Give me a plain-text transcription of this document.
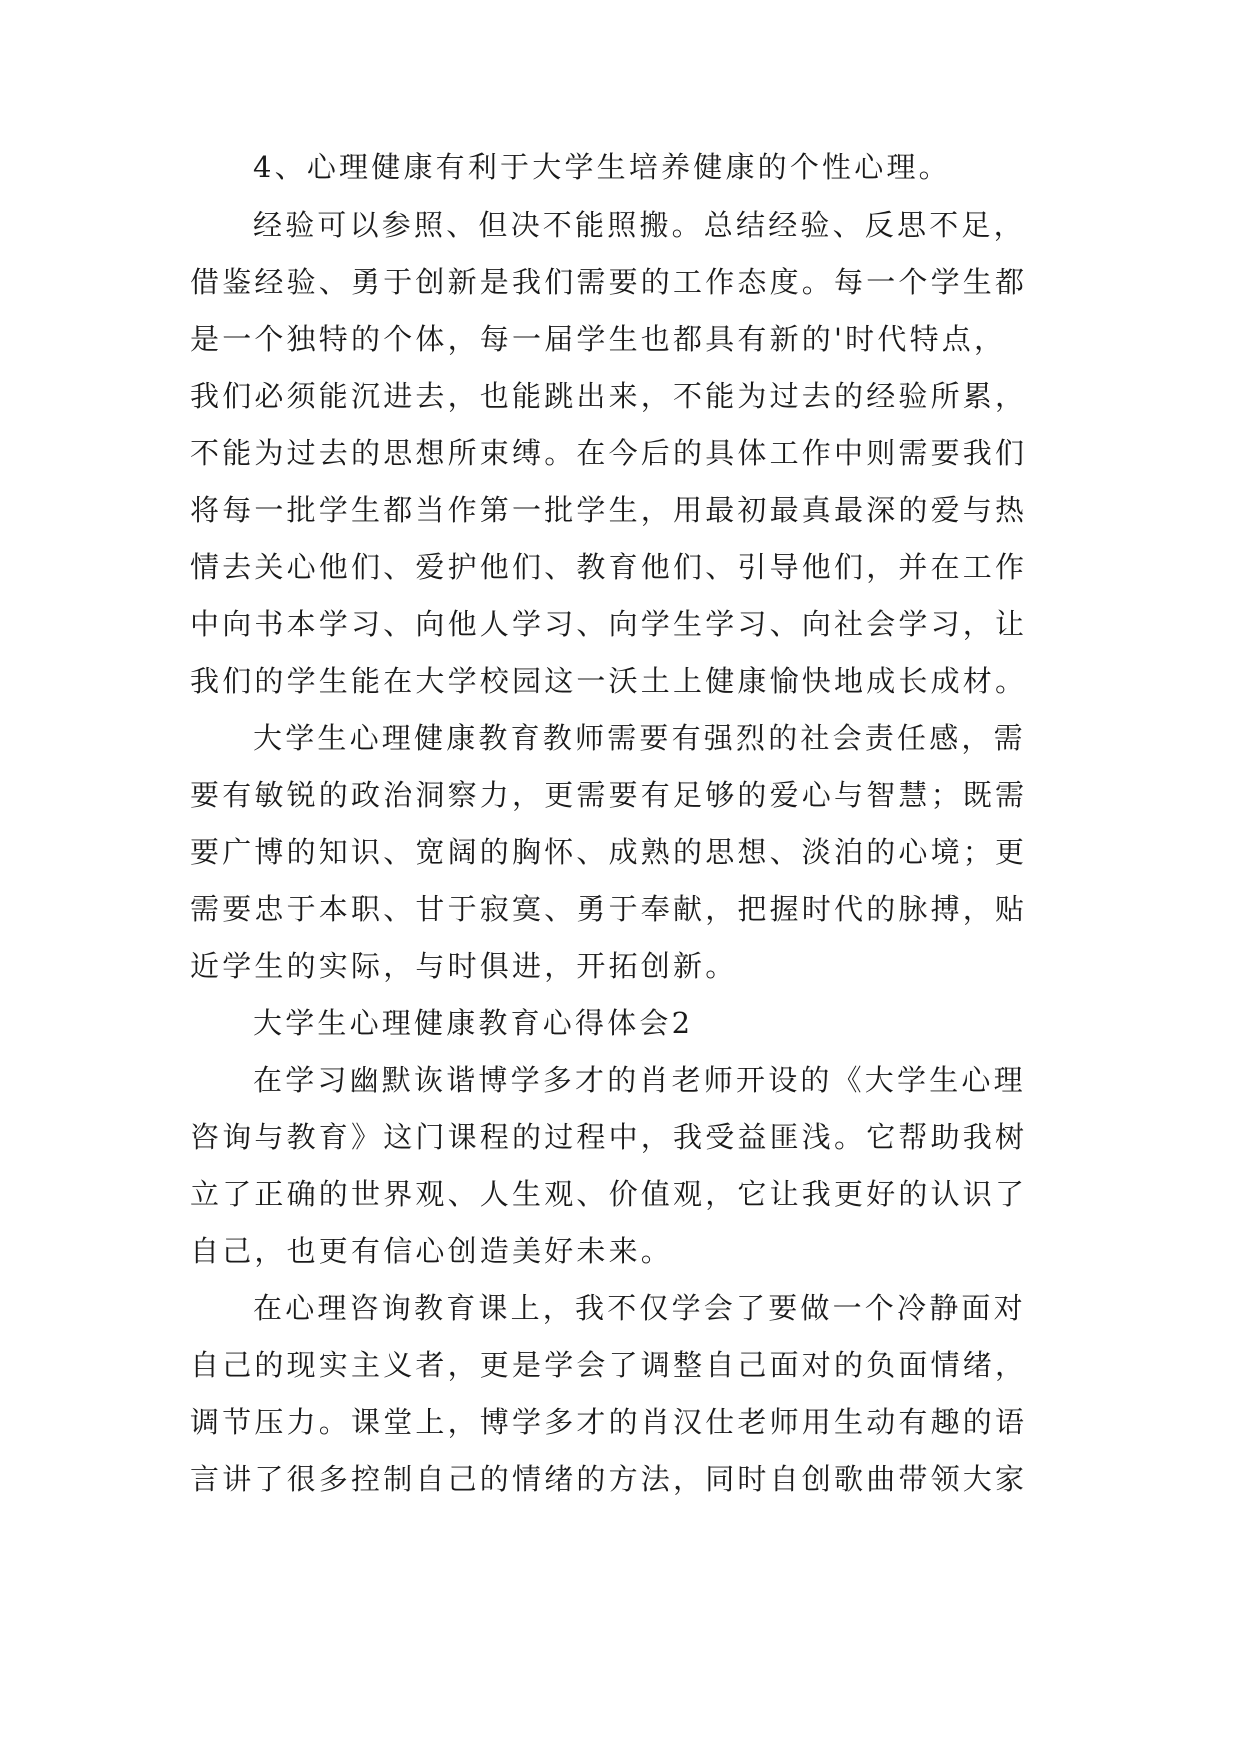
4、心理健康有利于大学生培养健康的个性心理。
经验可以参照、但决不能照搬。总结经验、反思不足，
借鉴经验、勇于创新是我们需要的工作态度。每一个学生都
是一个独特的个体，每一届学生也都具有新的'时代特点，
我们必须能沉进去，也能跳出来，不能为过去的经验所累，
不能为过去的思想所束缚。在今后的具体工作中则需要我们
将每一批学生都当作第一批学生，用最初最真最深的爱与热
情去关心他们、爱护他们、教育他们、引导他们，并在工作
中向书本学习、向他人学习、向学生学习、向社会学习，让
我们的学生能在大学校园这一沃土上健康愉快地成长成材。
大学生心理健康教育教师需要有强烈的社会责任感，需
要有敏锐的政治洞察力，更需要有足够的爱心与智慧；既需
要广博的知识、宽阔的胸怀、成熟的思想、淡泊的心境；更
需要忠于本职、甘于寂寞、勇于奉献，把握时代的脉搏，贴
近学生的实际，与时俱进，开拓创新。
大学生心理健康教育心得体会2
在学习幽默诙谐博学多才的肖老师开设的《大学生心理
咨询与教育》这门课程的过程中，我受益匪浅。它帮助我树
立了正确的世界观、人生观、价值观，它让我更好的认识了
自己，也更有信心创造美好未来。
在心理咨询教育课上，我不仅学会了要做一个冷静面对
自己的现实主义者，更是学会了调整自己面对的负面情绪，
调节压力。课堂上，博学多才的肖汉仕老师用生动有趣的语
言讲了很多控制自己的情绪的方法，同时自创歌曲带领大家
